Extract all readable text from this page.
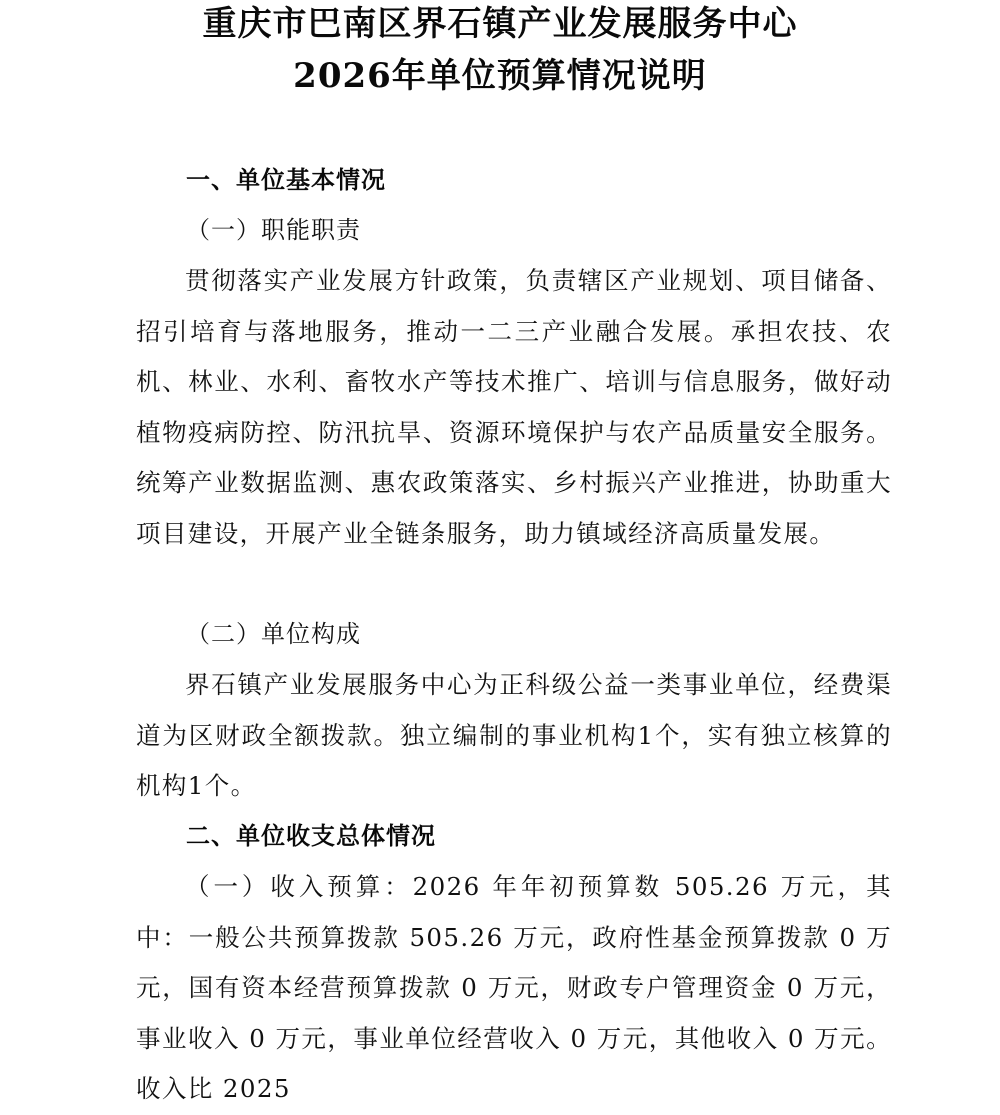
重庆市巴南区界石镇产业发展服务中心
2026年单位预算情况说明
一、单位基本情况
（一）职能职责

贯彻落实产业发展方针政策，负责辖区产业规划、项目储备、招引培育与落地服务，推动一二三产业融合发展。承担农技、农机、林业、水利、畜牧水产等技术推广、培训与信息服务，做好动植物疫病防控、防汛抗旱、资源环境保护与农产品质量安全服务。统筹产业数据监测、惠农政策落实、乡村振兴产业推进，协助重大项目建设，开展产业全链条服务，助力镇域经济高质量发展。

（二）单位构成

界石镇产业发展服务中心为正科级公益一类事业单位，经费渠道为区财政全额拨款。独立编制的事业机构1个，实有独立核算的机构1个。

二、单位收支总体情况

（一）收入预算：2026 年年初预算数 505.26 万元，其中：一般公共预算拨款 505.26 万元，政府性基金预算拨款 0 万元，国有资本经营预算拨款 0 万元，财政专户管理资金 0 万元，事业收入 0 万元，事业单位经营收入 0 万元，其他收入 0 万元。收入比 2025
